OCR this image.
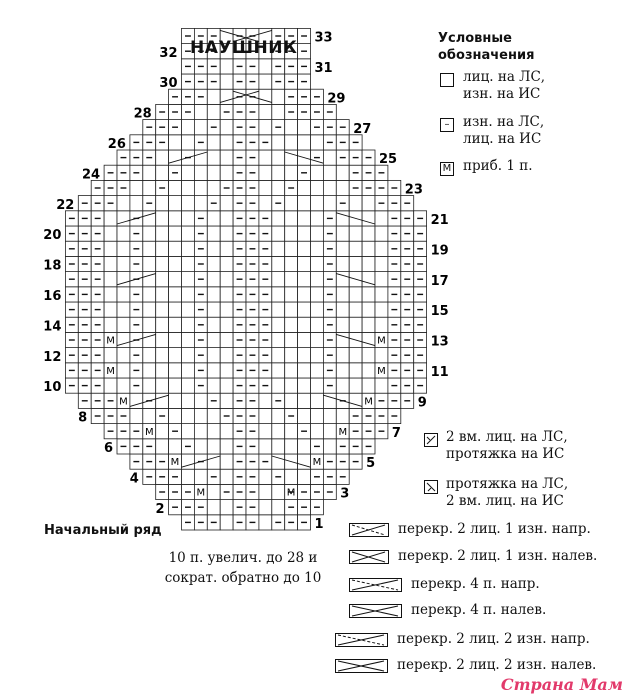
1
2
М	М	3
4
М	М	5
6
М	М	7
8
М	М	9
10
М	М	11
12
М	М	13
14
15
16
17
18
19
20
21
22
23
24
25
26
27
28
29
30
31
32
33
НАУШНИК	Условные
обозначения
лиц. на ЛС,
изн. на ИС
–	изн. на ЛС,
лиц. на ИС
М приб. 1 п.
2 вм. лиц. на ЛС,
протяжка на ИС
протяжка на ЛС,
2 вм. лиц. на ИС
перекр. 2 лиц. 1 изн. напр.
перекр. 2 лиц. 1 изн. налев.
перекр. 4 п. напр.
перекр. 4 п. налев.
перекр. 2 лиц. 2 изн. напр.
перекр. 2 лиц. 2 изн. налев.
Начальный ряд
10 п. увелич. до 28 и
сократ. обратно до 10
Страна Мам
